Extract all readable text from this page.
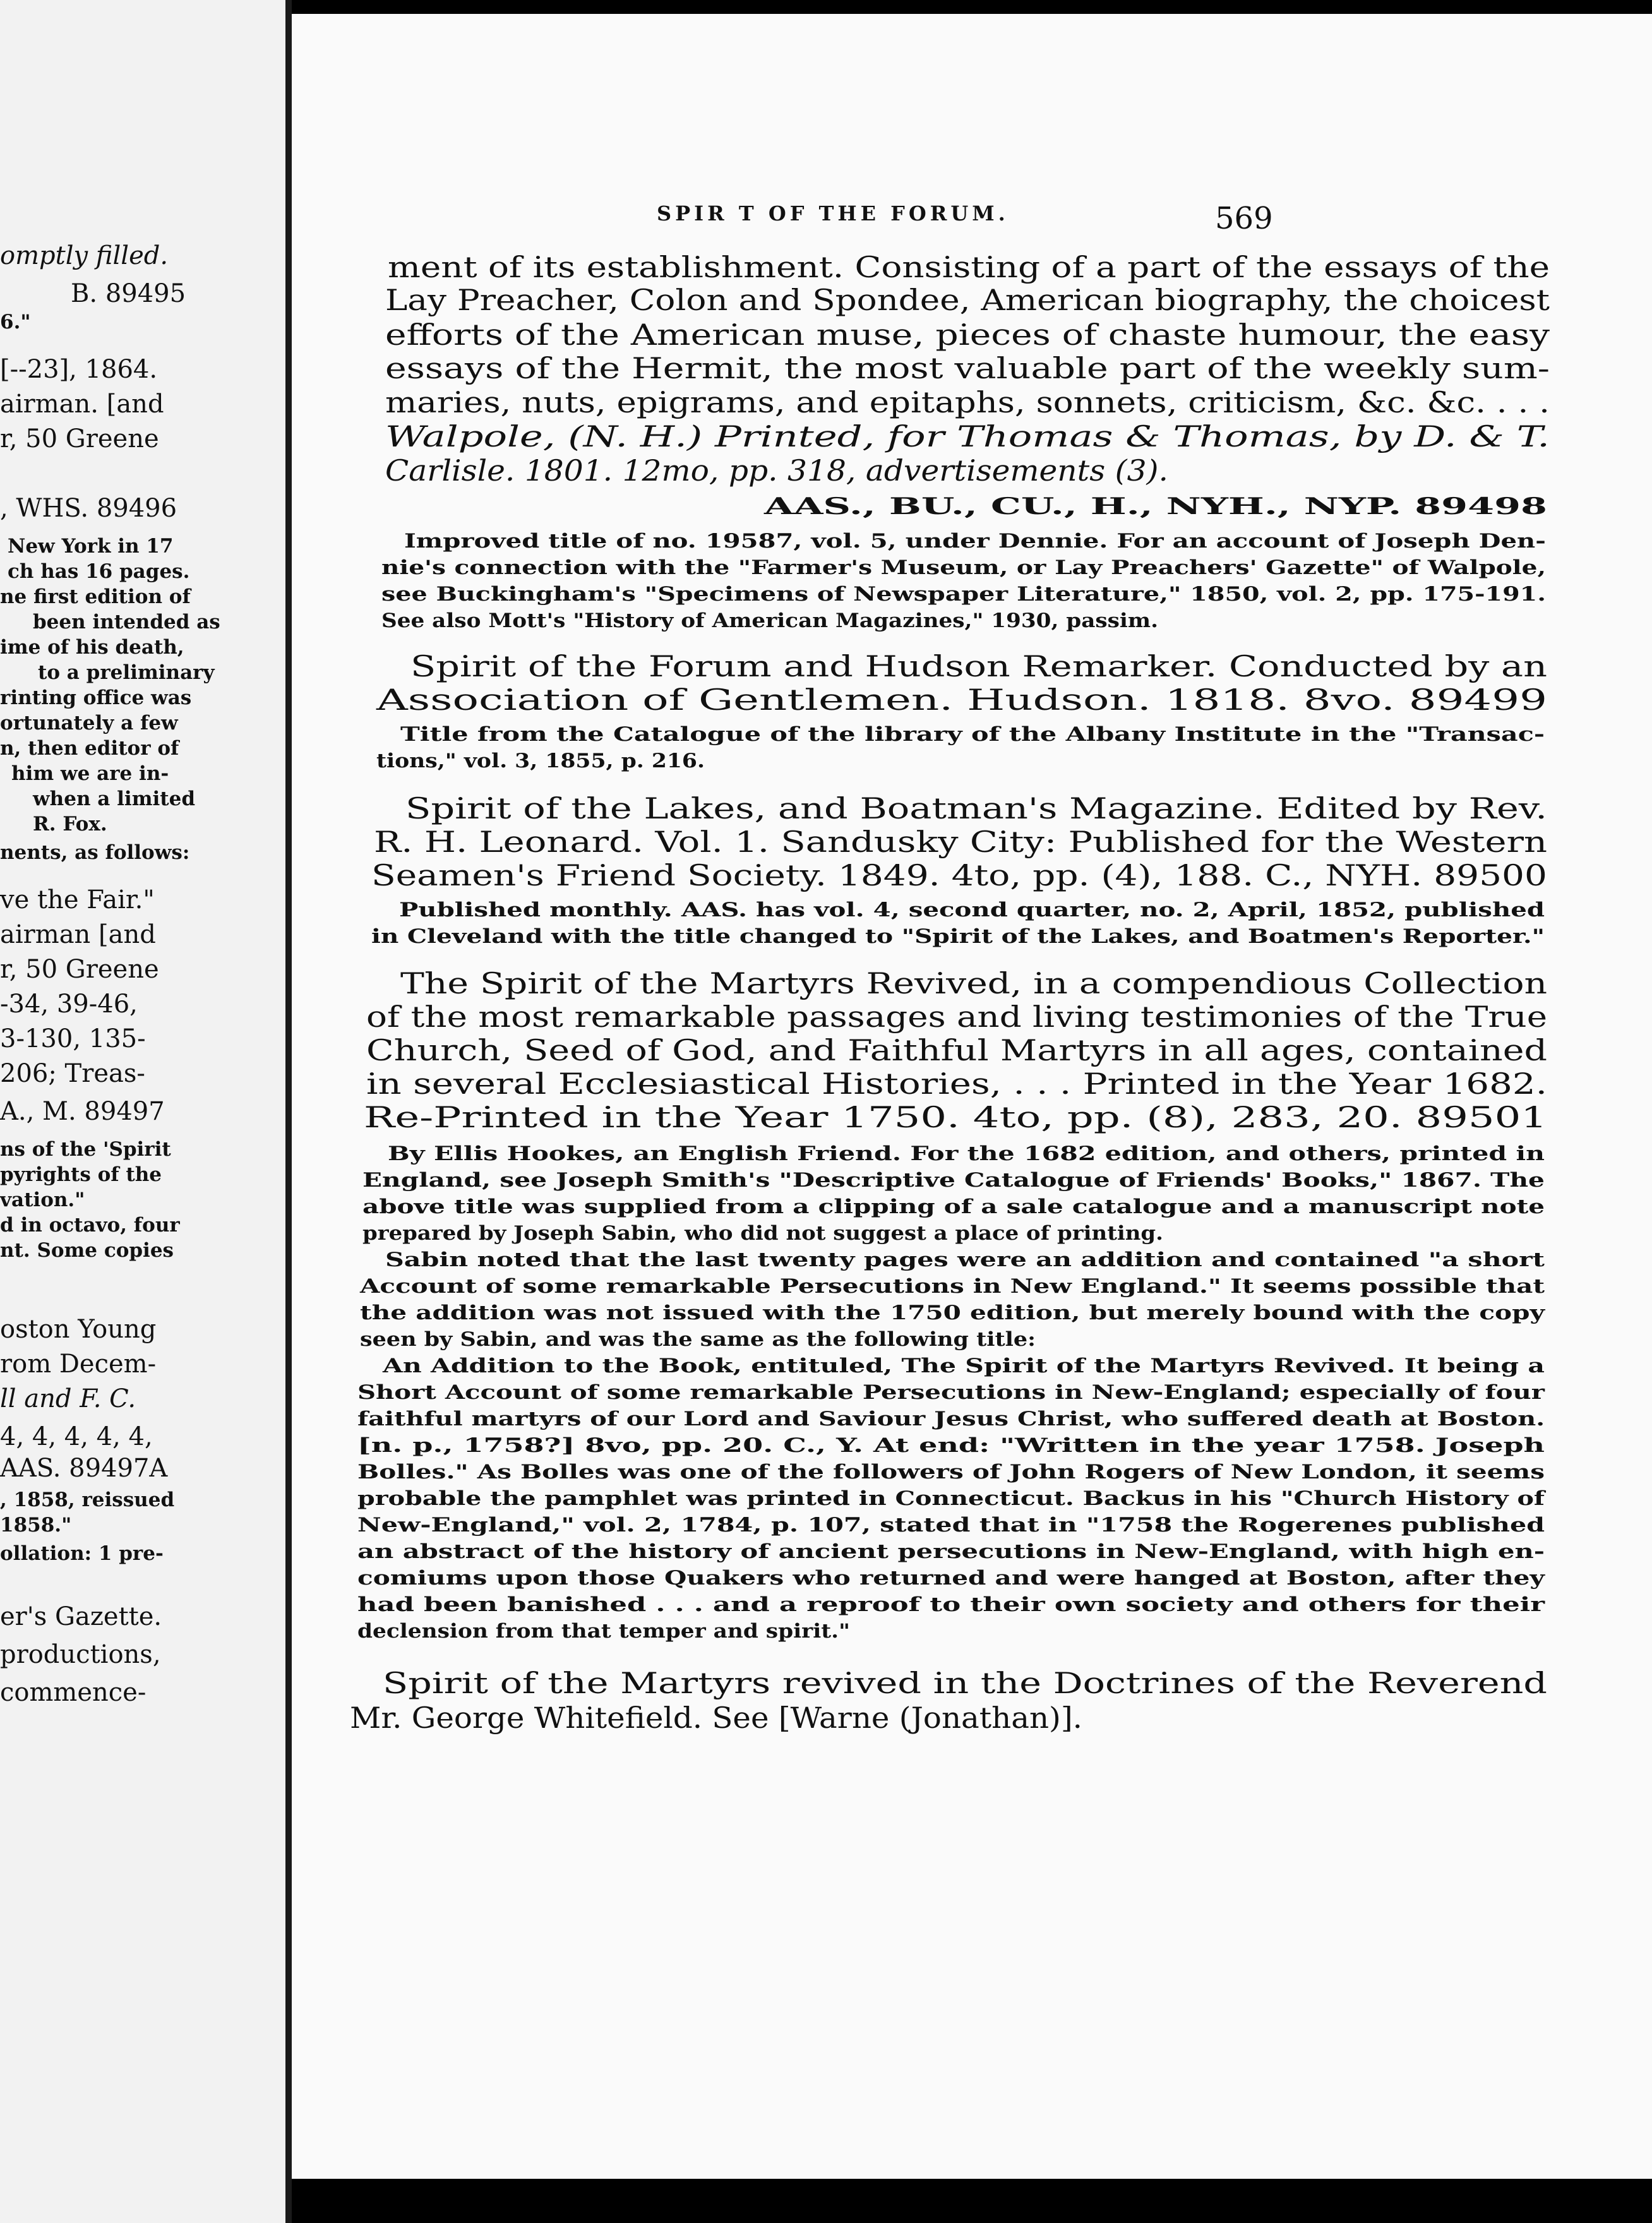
omptly filled.
B. 89495
6."
[--23], 1864.
airman. [and
r, 50 Greene
, WHS. 89496
New York in 17
ch has 16 pages.
ne first edition of
been intended as
ime of his death,
to a preliminary
rinting office was
ortunately a few
n, then editor of
him we are in-
when a limited
R. Fox.
nents, as follows:
ve the Fair."
airman [and
r, 50 Greene
-34, 39-46,
3-130, 135-
206; Treas-
A., M. 89497
ns of the 'Spirit
pyrights of the
vation."
d in octavo, four
nt. Some copies
oston Young
rom Decem-
ll and F. C.
4, 4, 4, 4, 4,
AAS. 89497A
, 1858, reissued
1858."
ollation: 1 pre-
er's Gazette.
productions,
commence-
SPIR T OF THE FORUM.	569
ment of its establishment. Consisting of a part of the essays of the
Lay Preacher, Colon and Spondee, American biography, the choicest
efforts of the American muse, pieces of chaste humour, the easy
essays of the Hermit, the most valuable part of the weekly sum-
maries, nuts, epigrams, and epitaphs, sonnets, criticism, &c. &c. . . .
Walpole, (N. H.) Printed, for Thomas & Thomas, by D. & T.
Carlisle. 1801. 12mo, pp. 318, advertisements (3).
AAS., BU., CU., H., NYH., NYP. 89498
Improved title of no. 19587, vol. 5, under Dennie. For an account of Joseph Den-
nie's connection with the "Farmer's Museum, or Lay Preachers' Gazette" of Walpole,
see Buckingham's "Specimens of Newspaper Literature," 1850, vol. 2, pp. 175-191.
See also Mott's "History of American Magazines," 1930, passim.
Spirit of the Forum and Hudson Remarker. Conducted by an
Association of Gentlemen. Hudson. 1818. 8vo. 89499
Title from the Catalogue of the library of the Albany Institute in the "Transac-
tions," vol. 3, 1855, p. 216.
Spirit of the Lakes, and Boatman's Magazine. Edited by Rev.
R. H. Leonard. Vol. 1. Sandusky City: Published for the Western
Seamen's Friend Society. 1849. 4to, pp. (4), 188. C., NYH. 89500
Published monthly. AAS. has vol. 4, second quarter, no. 2, April, 1852, published
in Cleveland with the title changed to "Spirit of the Lakes, and Boatmen's Reporter."
The Spirit of the Martyrs Revived, in a compendious Collection
of the most remarkable passages and living testimonies of the True
Church, Seed of God, and Faithful Martyrs in all ages, contained
in several Ecclesiastical Histories, . . . Printed in the Year 1682.
Re-Printed in the Year 1750. 4to, pp. (8), 283, 20. 89501
By Ellis Hookes, an English Friend. For the 1682 edition, and others, printed in
England, see Joseph Smith's "Descriptive Catalogue of Friends' Books," 1867. The
above title was supplied from a clipping of a sale catalogue and a manuscript note
prepared by Joseph Sabin, who did not suggest a place of printing.
Sabin noted that the last twenty pages were an addition and contained "a short
Account of some remarkable Persecutions in New England." It seems possible that
the addition was not issued with the 1750 edition, but merely bound with the copy
seen by Sabin, and was the same as the following title:
An Addition to the Book, entituled, The Spirit of the Martyrs Revived. It being a
Short Account of some remarkable Persecutions in New-England; especially of four
faithful martyrs of our Lord and Saviour Jesus Christ, who suffered death at Boston.
[n. p., 1758?] 8vo, pp. 20. C., Y. At end: "Written in the year 1758. Joseph
Bolles." As Bolles was one of the followers of John Rogers of New London, it seems
probable the pamphlet was printed in Connecticut. Backus in his "Church History of
New-England," vol. 2, 1784, p. 107, stated that in "1758 the Rogerenes published
an abstract of the history of ancient persecutions in New-England, with high en-
comiums upon those Quakers who returned and were hanged at Boston, after they
had been banished . . . and a reproof to their own society and others for their
declension from that temper and spirit."
Spirit of the Martyrs revived in the Doctrines of the Reverend
Mr. George Whitefield. See [Warne (Jonathan)].
